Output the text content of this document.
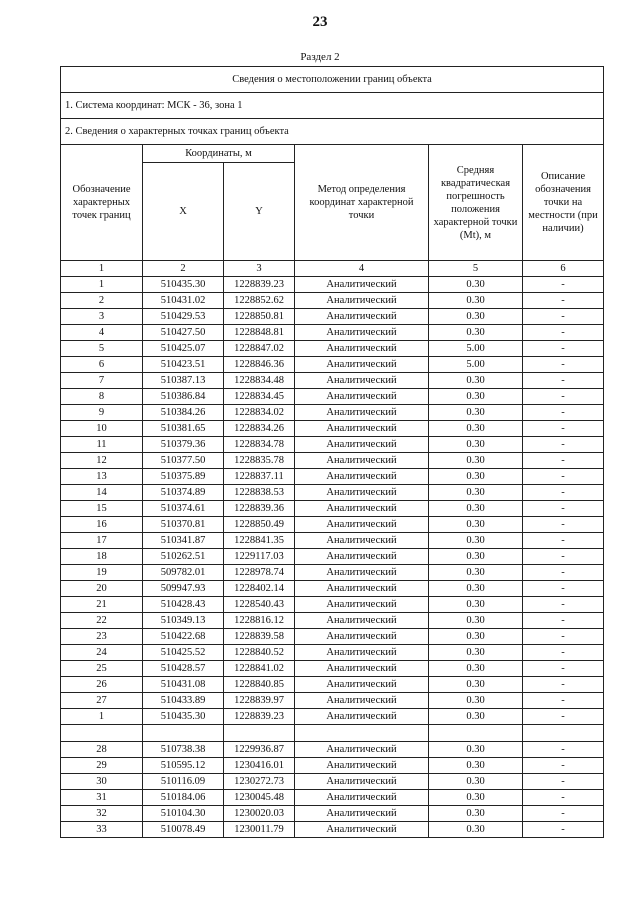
23
Раздел 2
Сведения о местоположении границ объекта					
1. Система координат: МСК - 36, зона 1					
2. Сведения о характерных точках границ объекта					
Обозначение характерных точек границ	Координаты, м		Метод определения координат характерной точки	Средняя квадратическая погрешность положения характерной точки (Mt), м	Описание обозначения точки на местности (при наличии)
	X	Y			
1	2	3	4	5	6
1	510435.30	1228839.23	Аналитический	0.30	-
2	510431.02	1228852.62	Аналитический	0.30	-
3	510429.53	1228850.81	Аналитический	0.30	-
4	510427.50	1228848.81	Аналитический	0.30	-
5	510425.07	1228847.02	Аналитический	5.00	-
6	510423.51	1228846.36	Аналитический	5.00	-
7	510387.13	1228834.48	Аналитический	0.30	-
8	510386.84	1228834.45	Аналитический	0.30	-
9	510384.26	1228834.02	Аналитический	0.30	-
10	510381.65	1228834.26	Аналитический	0.30	-
11	510379.36	1228834.78	Аналитический	0.30	-
12	510377.50	1228835.78	Аналитический	0.30	-
13	510375.89	1228837.11	Аналитический	0.30	-
14	510374.89	1228838.53	Аналитический	0.30	-
15	510374.61	1228839.36	Аналитический	0.30	-
16	510370.81	1228850.49	Аналитический	0.30	-
17	510341.87	1228841.35	Аналитический	0.30	-
18	510262.51	1229117.03	Аналитический	0.30	-
19	509782.01	1228978.74	Аналитический	0.30	-
20	509947.93	1228402.14	Аналитический	0.30	-
21	510428.43	1228540.43	Аналитический	0.30	-
22	510349.13	1228816.12	Аналитический	0.30	-
23	510422.68	1228839.58	Аналитический	0.30	-
24	510425.52	1228840.52	Аналитический	0.30	-
25	510428.57	1228841.02	Аналитический	0.30	-
26	510431.08	1228840.85	Аналитический	0.30	-
27	510433.89	1228839.97	Аналитический	0.30	-
1	510435.30	1228839.23	Аналитический	0.30	-

28	510738.38	1229936.87	Аналитический	0.30	-
29	510595.12	1230416.01	Аналитический	0.30	-
30	510116.09	1230272.73	Аналитический	0.30	-
31	510184.06	1230045.48	Аналитический	0.30	-
32	510104.30	1230020.03	Аналитический	0.30	-
33	510078.49	1230011.79	Аналитический	0.30	-
